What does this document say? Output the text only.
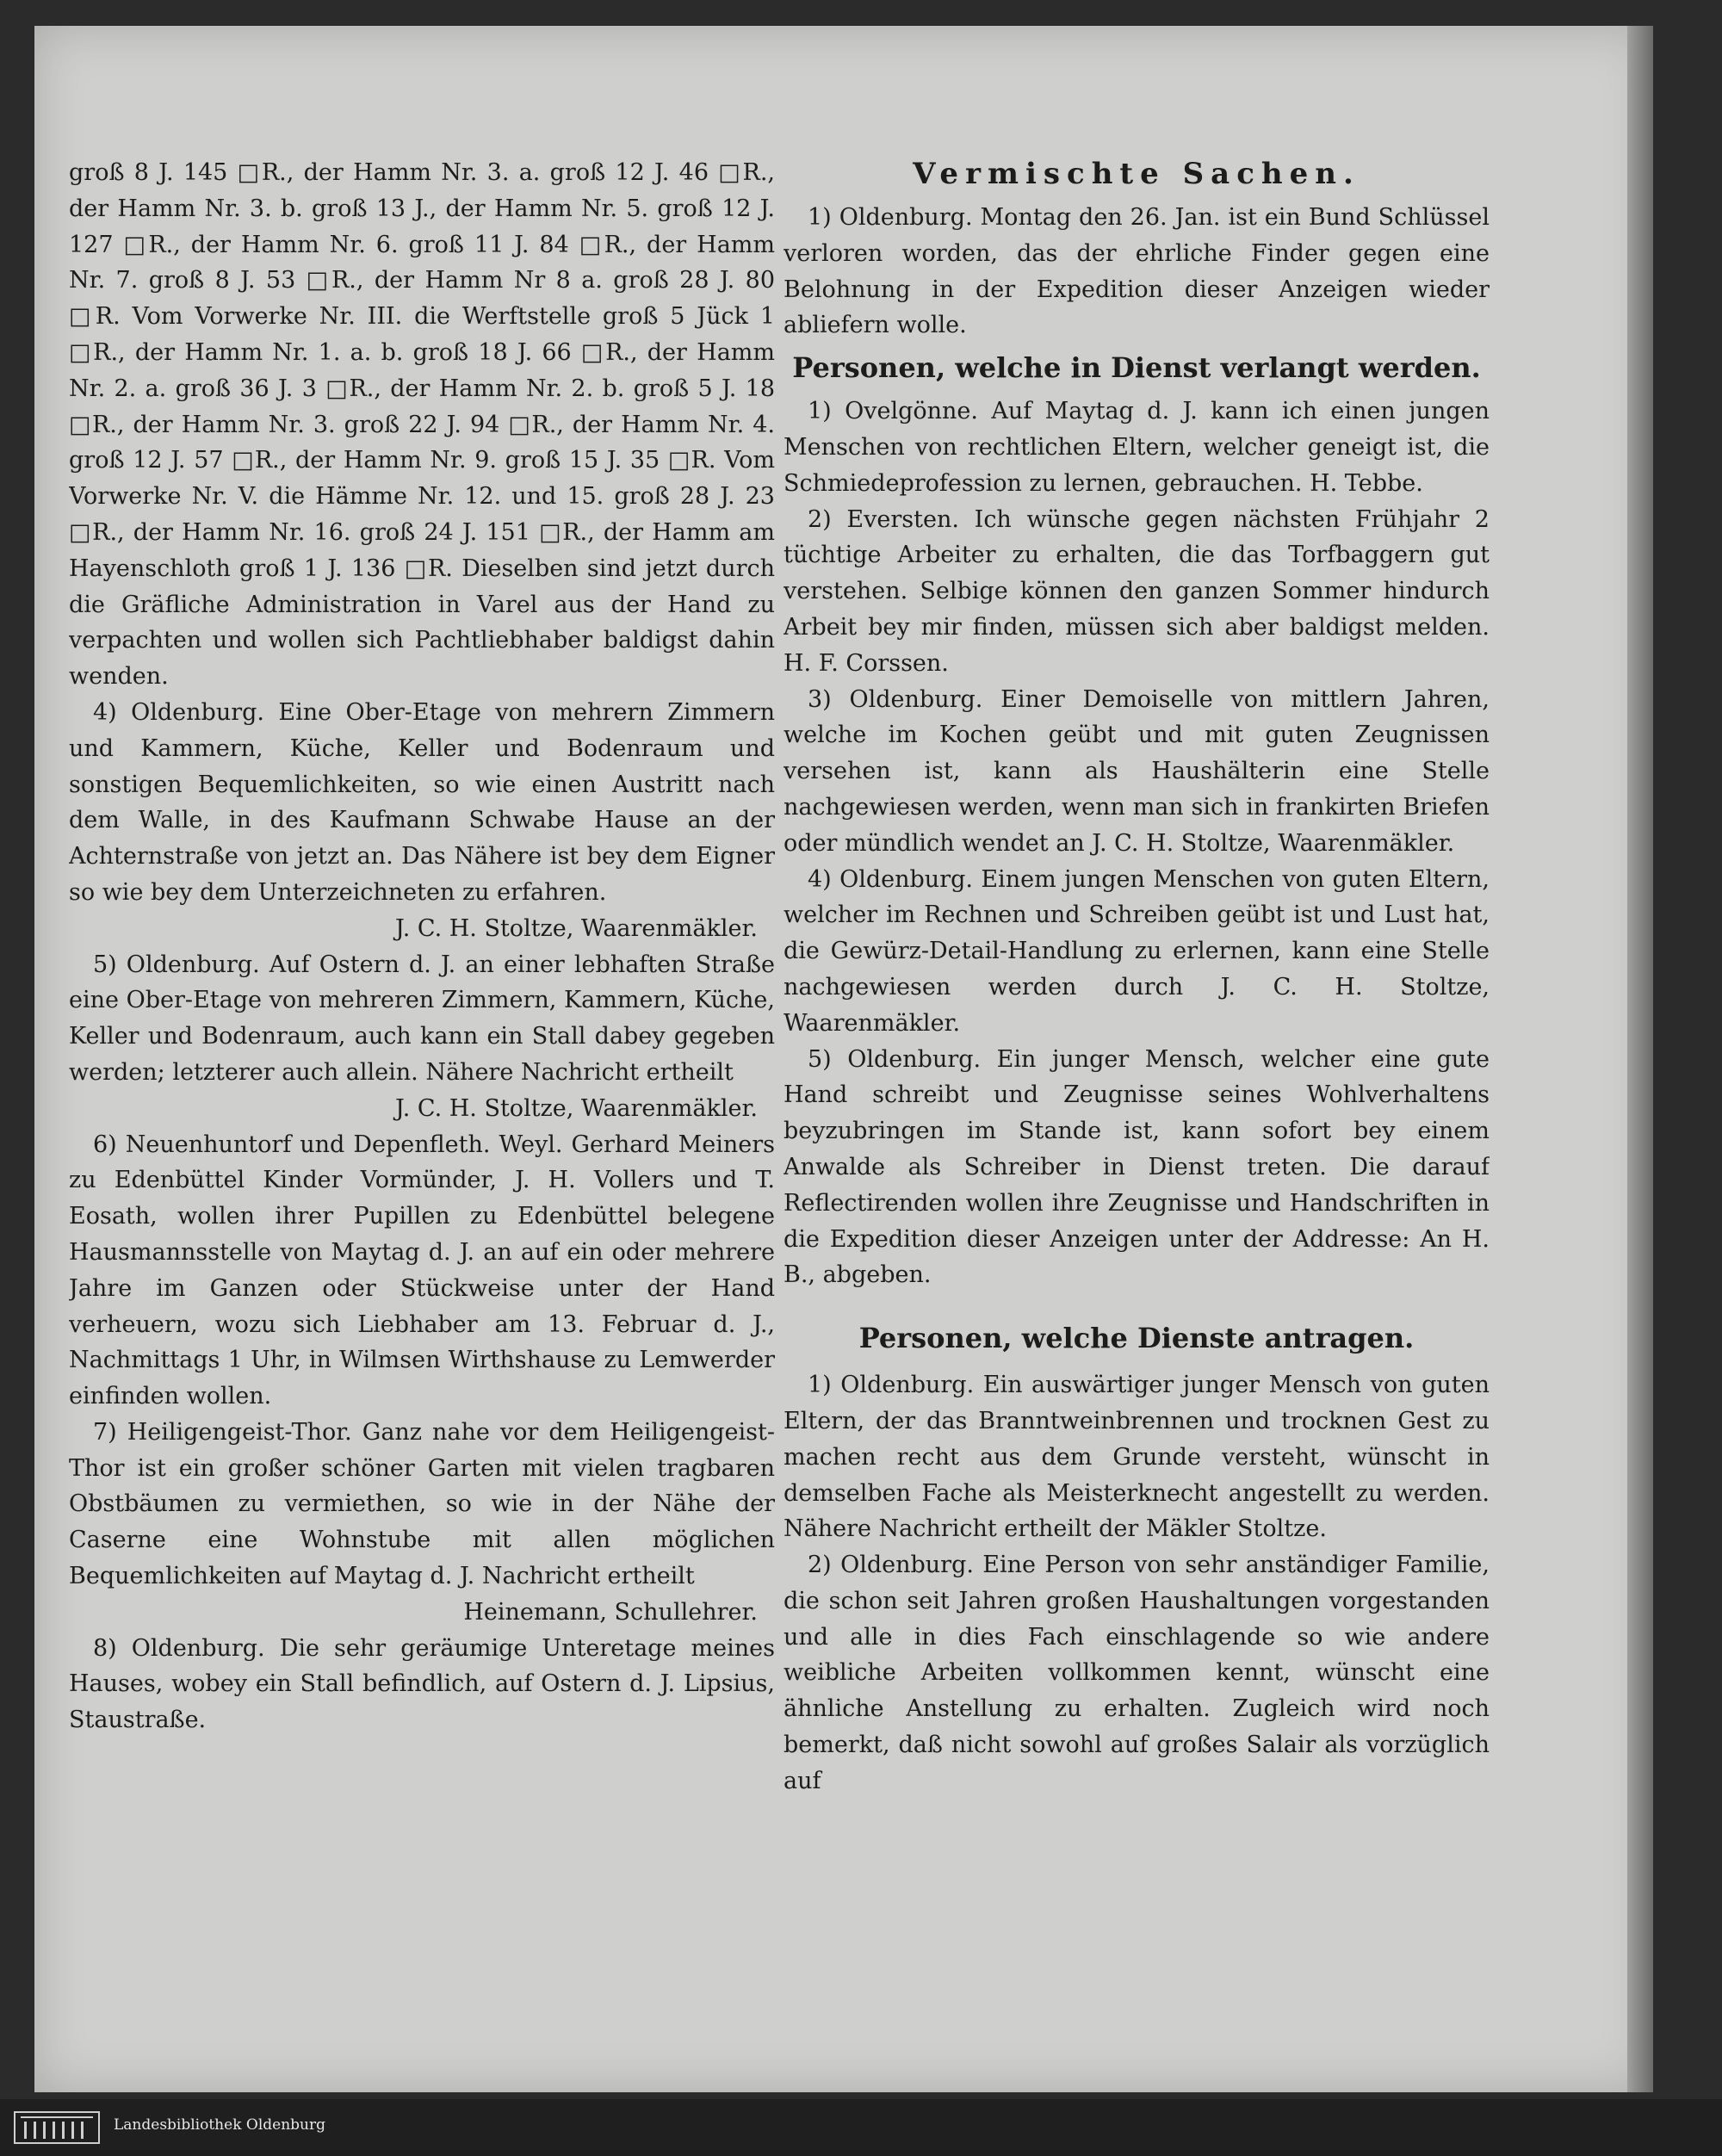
groß 8 J. 145 □R., der Hamm Nr. 3. a. groß 12 J. 46 □R., der Hamm Nr. 3. b. groß 13 J., der Hamm Nr. 5. groß 12 J. 127 □R., der Hamm Nr. 6. groß 11 J. 84 □R., der Hamm Nr. 7. groß 8 J. 53 □R., der Hamm Nr 8 a. groß 28 J. 80 □R. Vom Vorwerke Nr. III. die Werftstelle groß 5 Jück 1 □R., der Hamm Nr. 1. a. b. groß 18 J. 66 □R., der Hamm Nr. 2. a. groß 36 J. 3 □R., der Hamm Nr. 2. b. groß 5 J. 18 □R., der Hamm Nr. 3. groß 22 J. 94 □R., der Hamm Nr. 4. groß 12 J. 57 □R., der Hamm Nr. 9. groß 15 J. 35 □R. Vom Vorwerke Nr. V. die Hämme Nr. 12. und 15. groß 28 J. 23 □R., der Hamm Nr. 16. groß 24 J. 151 □R., der Hamm am Hayenschloth groß 1 J. 136 □R. Dieselben sind jetzt durch die Gräfliche Administration in Varel aus der Hand zu verpachten und wollen sich Pachtliebhaber baldigst dahin wenden.

4) Oldenburg. Eine Ober-Etage von mehrern Zimmern und Kammern, Küche, Keller und Bodenraum und sonstigen Bequemlichkeiten, so wie einen Austritt nach dem Walle, in des Kaufmann Schwabe Hause an der Achternstraße von jetzt an. Das Nähere ist bey dem Eigner so wie bey dem Unterzeichneten zu erfahren.

J. C. H. Stoltze, Waarenmäkler.

5) Oldenburg. Auf Ostern d. J. an einer lebhaften Straße eine Ober-Etage von mehreren Zimmern, Kammern, Küche, Keller und Bodenraum, auch kann ein Stall dabey gegeben werden; letzterer auch allein. Nähere Nachricht ertheilt

J. C. H. Stoltze, Waarenmäkler.

6) Neuenhuntorf und Depenfleth. Weyl. Gerhard Meiners zu Edenbüttel Kinder Vormünder, J. H. Vollers und T. Eosath, wollen ihrer Pupillen zu Edenbüttel belegene Hausmannsstelle von Maytag d. J. an auf ein oder mehrere Jahre im Ganzen oder Stückweise unter der Hand verheuern, wozu sich Liebhaber am 13. Februar d. J., Nachmittags 1 Uhr, in Wilmsen Wirthshause zu Lemwerder einfinden wollen.

7) Heiligengeist-Thor. Ganz nahe vor dem Heiligengeist-Thor ist ein großer schöner Garten mit vielen tragbaren Obstbäumen zu vermiethen, so wie in der Nähe der Caserne eine Wohnstube mit allen möglichen Bequemlichkeiten auf Maytag d. J. Nachricht ertheilt

Heinemann, Schullehrer.

8) Oldenburg. Die sehr geräumige Unteretage meines Hauses, wobey ein Stall befindlich, auf Ostern d. J. Lipsius, Staustraße.

Vermischte Sachen.

1) Oldenburg. Montag den 26. Jan. ist ein Bund Schlüssel verloren worden, das der ehrliche Finder gegen eine Belohnung in der Expedition dieser Anzeigen wieder abliefern wolle.

Personen, welche in Dienst verlangt werden.

1) Ovelgönne. Auf Maytag d. J. kann ich einen jungen Menschen von rechtlichen Eltern, welcher geneigt ist, die Schmiedeprofession zu lernen, gebrauchen. H. Tebbe.

2) Eversten. Ich wünsche gegen nächsten Frühjahr 2 tüchtige Arbeiter zu erhalten, die das Torfbaggern gut verstehen. Selbige können den ganzen Sommer hindurch Arbeit bey mir finden, müssen sich aber baldigst melden. H. F. Corssen.

3) Oldenburg. Einer Demoiselle von mittlern Jahren, welche im Kochen geübt und mit guten Zeugnissen versehen ist, kann als Haushälterin eine Stelle nachgewiesen werden, wenn man sich in frankirten Briefen oder mündlich wendet an J. C. H. Stoltze, Waarenmäkler.

4) Oldenburg. Einem jungen Menschen von guten Eltern, welcher im Rechnen und Schreiben geübt ist und Lust hat, die Gewürz-Detail-Handlung zu erlernen, kann eine Stelle nachgewiesen werden durch J. C. H. Stoltze, Waarenmäkler.

5) Oldenburg. Ein junger Mensch, welcher eine gute Hand schreibt und Zeugnisse seines Wohlverhaltens beyzubringen im Stande ist, kann sofort bey einem Anwalde als Schreiber in Dienst treten. Die darauf Reflectirenden wollen ihre Zeugnisse und Handschriften in die Expedition dieser Anzeigen unter der Addresse: An H. B., abgeben.

Personen, welche Dienste antragen.

1) Oldenburg. Ein auswärtiger junger Mensch von guten Eltern, der das Branntweinbrennen und trocknen Gest zu machen recht aus dem Grunde versteht, wünscht in demselben Fache als Meisterknecht angestellt zu werden. Nähere Nachricht ertheilt der Mäkler Stoltze.

2) Oldenburg. Eine Person von sehr anständiger Familie, die schon seit Jahren großen Haushaltungen vorgestanden und alle in dies Fach einschlagende so wie andere weibliche Arbeiten vollkommen kennt, wünscht eine ähnliche Anstellung zu erhalten. Zugleich wird noch bemerkt, daß nicht sowohl auf großes Salair als vorzüglich auf

Landesbibliothek Oldenburg
